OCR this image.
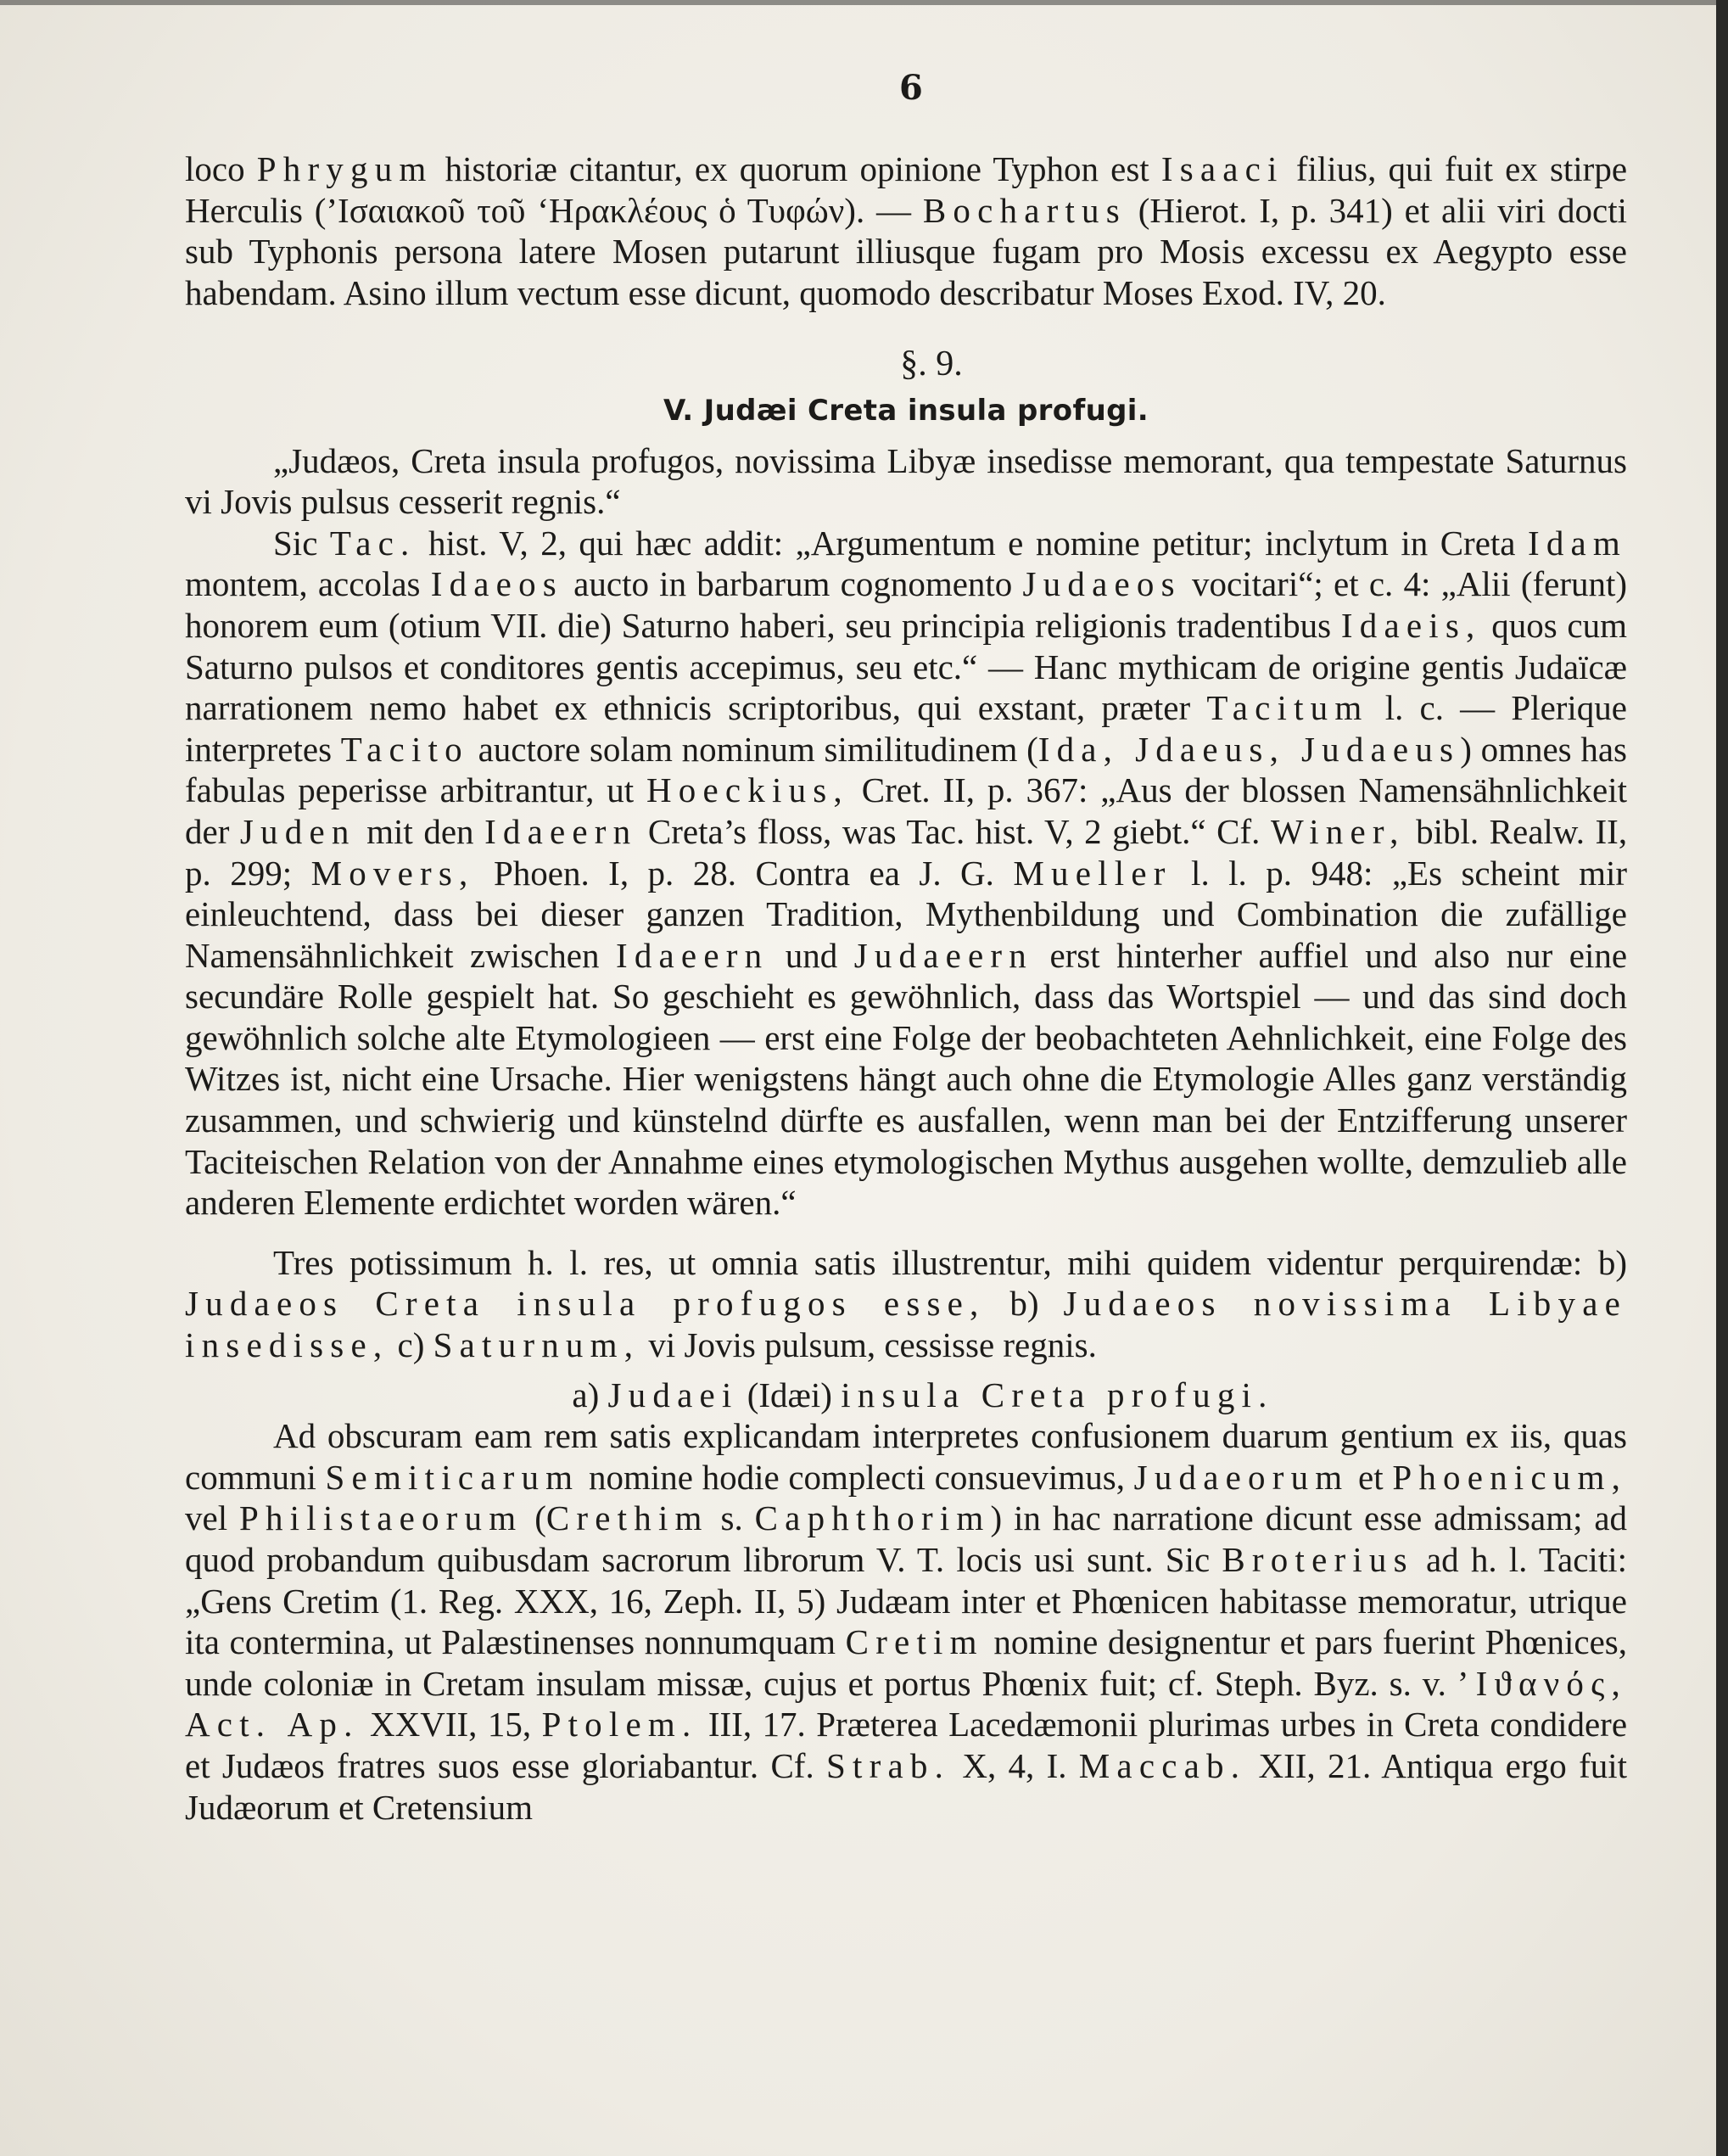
6

loco Phrygum historiæ citantur, ex quorum opinione Typhon est Isaaci filius, qui fuit ex stirpe Herculis (’Ισαιακοῦ τοῦ ‘Ηρακλέους ὁ Τυφών). — Bochartus (Hierot. I, p. 341) et alii viri docti sub Typhonis persona latere Mosen putarunt illiusque fugam pro Mosis excessu ex Aegypto esse habendam. Asino illum vectum esse dicunt, quomodo describatur Moses Exod. IV, 20.

§. 9.
V. Judæi Creta insula profugi.

„Judæos, Creta insula profugos, novissima Libyæ insedisse memorant, qua tempestate Saturnus vi Jovis pulsus cesserit regnis.“

Sic Tac. hist. V, 2, qui hæc addit: „Argumentum e nomine petitur; inclytum in Creta Idam montem, accolas Idaeos aucto in barbarum cognomento Judaeos vocitari“; et c. 4: „Alii (ferunt) honorem eum (otium VII. die) Saturno haberi, seu principia religionis tradentibus Idaeis, quos cum Saturno pulsos et conditores gentis accepimus, seu etc.“ — Hanc mythicam de origine gentis Judaïcæ narrationem nemo habet ex ethnicis scriptoribus, qui exstant, præter Tacitum l. c. — Plerique interpretes Tacito auctore solam nominum similitudinem (Ida, Jdaeus, Judaeus) omnes has fabulas peperisse arbitrantur, ut Hoeckius, Cret. II, p. 367: „Aus der blossen Namensähnlichkeit der Juden mit den Idaeern Creta’s floss, was Tac. hist. V, 2 giebt.“ Cf. Winer, bibl. Realw. II, p. 299; Movers, Phoen. I, p. 28. Contra ea J. G. Mueller l. l. p. 948: „Es scheint mir einleuchtend, dass bei dieser ganzen Tradition, Mythenbildung und Combination die zufällige Namensähnlichkeit zwischen Idaeern und Judaeern erst hinterher auffiel und also nur eine secundäre Rolle gespielt hat. So geschieht es gewöhnlich, dass das Wortspiel — und das sind doch gewöhnlich solche alte Etymologieen — erst eine Folge der beobachteten Aehnlichkeit, eine Folge des Witzes ist, nicht eine Ursache. Hier wenigstens hängt auch ohne die Etymologie Alles ganz verständig zusammen, und schwierig und künstelnd dürfte es ausfallen, wenn man bei der Entzifferung unserer Taciteischen Relation von der Annahme eines etymologischen Mythus ausgehen wollte, demzulieb alle anderen Elemente erdichtet worden wären.“

Tres potissimum h. l. res, ut omnia satis illustrentur, mihi quidem videntur perquirendæ: b) Judaeos Creta insula profugos esse, b) Judaeos novissima Libyae insedisse, c) Saturnum, vi Jovis pulsum, cessisse regnis.

a) Judaei (Idæi) insula Creta profugi.

Ad obscuram eam rem satis explicandam interpretes confusionem duarum gentium ex iis, quas communi Semiticarum nomine hodie complecti consuevimus, Judaeorum et Phoenicum, vel Philistaeorum (Crethim s. Caphthorim) in hac narratione dicunt esse admissam; ad quod probandum quibusdam sacrorum librorum V. T. locis usi sunt. Sic Broterius ad h. l. Taciti: „Gens Cretim (1. Reg. XXX, 16, Zeph. II, 5) Judæam inter et Phœnicen habitasse memoratur, utrique ita contermina, ut Palæstinenses nonnumquam Cretim nomine designentur et pars fuerint Phœnices, unde coloniæ in Cretam insulam missæ, cujus et portus Phœnix fuit; cf. Steph. Byz. s. v. ’Ιϑανός, Act. Ap. XXVII, 15, Ptolem. III, 17. Præterea Lacedæmonii plurimas urbes in Creta condidere et Judæos fratres suos esse gloriabantur. Cf. Strab. X, 4, I. Maccab. XII, 21. Antiqua ergo fuit Judæorum et Cretensium
